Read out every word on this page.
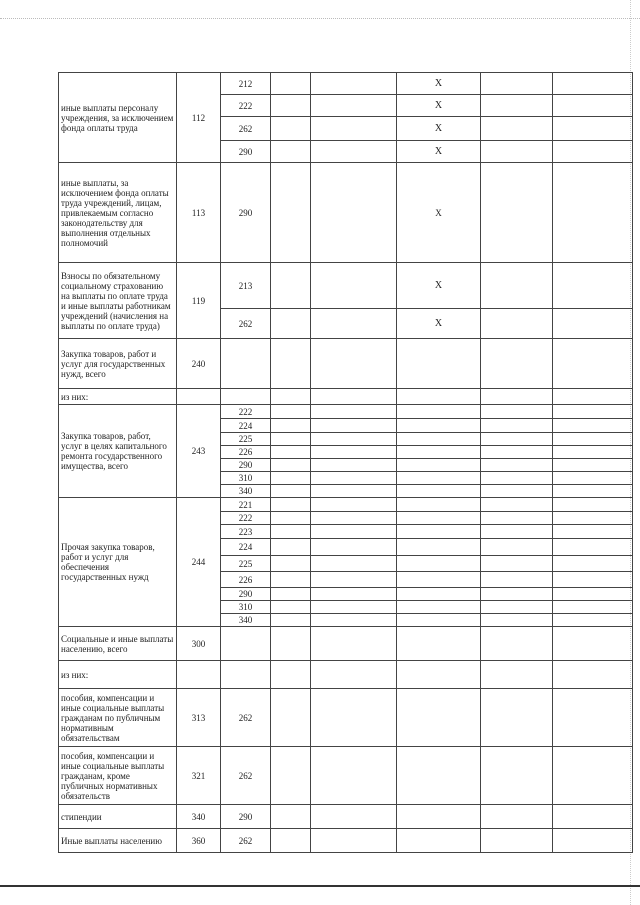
иные выплаты персоналу учреждения, за исключением фонда оплаты труда	112	212			X		
		222			X		
		262			X		
		290			X		
иные выплаты, за исключением фонда оплаты труда учреждений, лицам, привлекаемым согласно законодательству для выполнения отдельных полномочий	113	290			X		
Взносы по обязательному социальному страхованию на выплаты по оплате труда и иные выплаты работникам учреждений (начисления на выплаты по оплате труда)	119	213			X		
		262			X		
Закупка товаров, работ и услуг для государственных нужд, всего	240						
из них:							
Закупка товаров, работ, услуг в целях капитального ремонта государственного имущества, всего	243	222					
		224					
		225					
		226					
		290					
		310					
		340					
Прочая закупка товаров, работ и услуг для обеспечения государственных нужд	244	221					
		222					
		223					
		224					
		225					
		226					
		290					
		310					
		340					
Социальные и иные выплаты населению, всего	300						
из них:							
пособия, компенсации и иные социальные выплаты гражданам по публичным нормативным обязательствам	313	262					
пособия, компенсации и иные социальные выплаты гражданам, кроме публичных нормативных обязательств	321	262					
стипендии	340	290					
Иные выплаты населению	360	262					
